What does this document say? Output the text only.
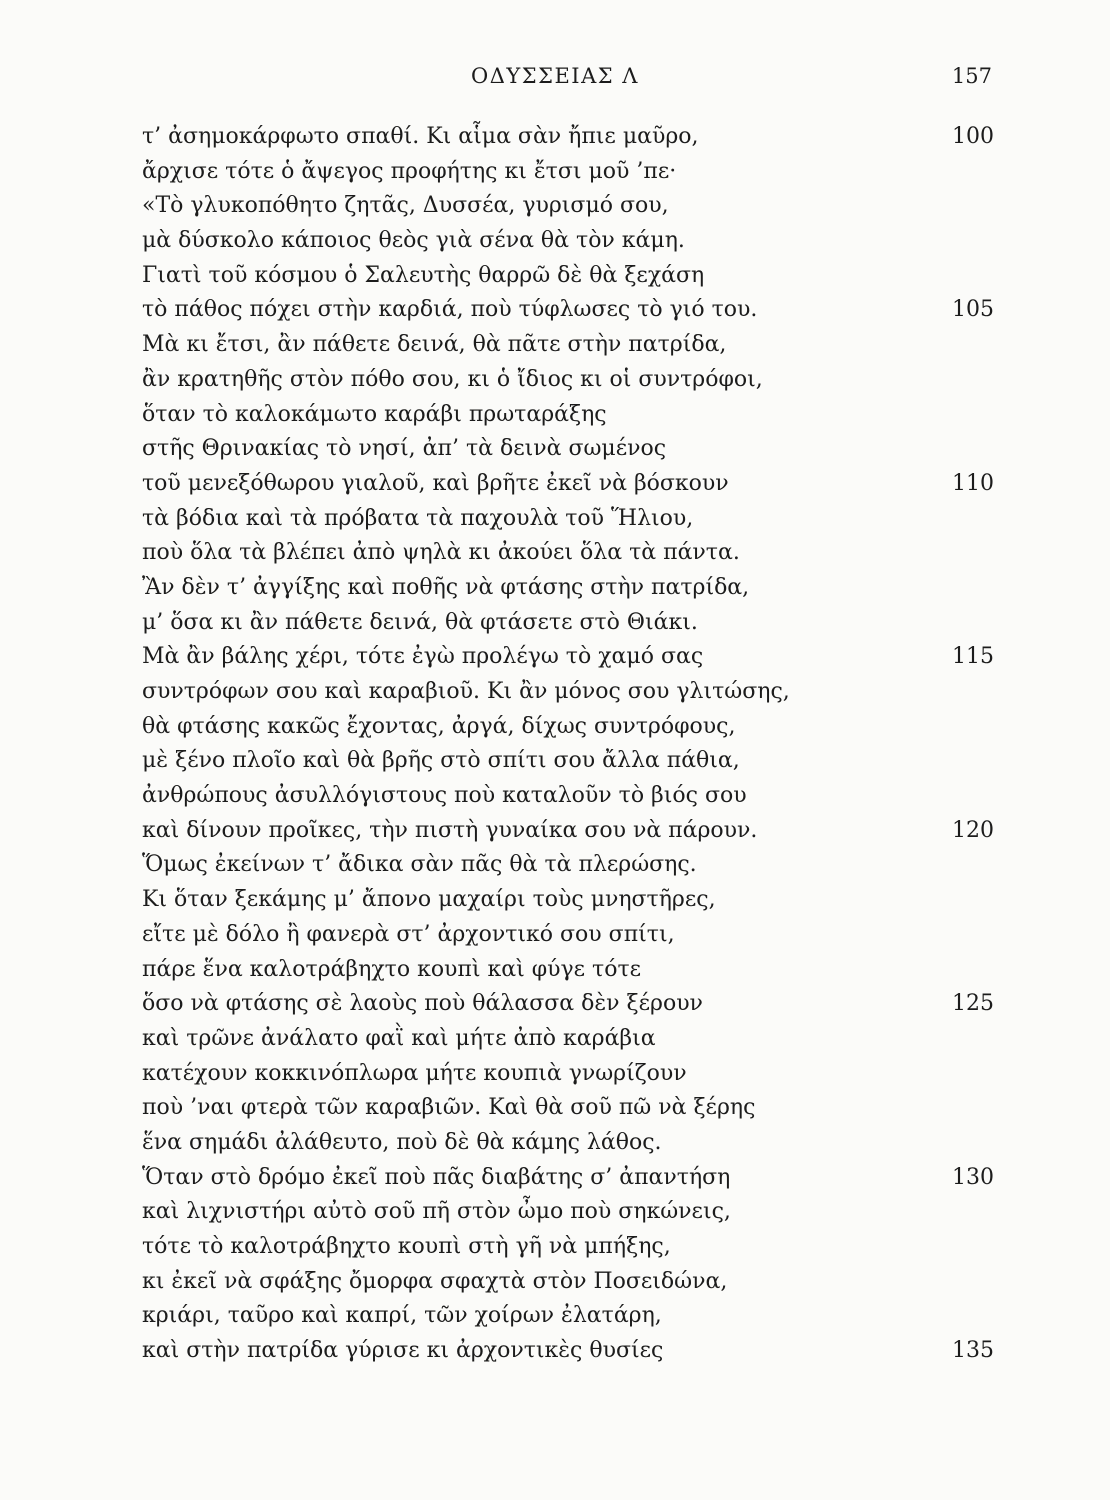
ΟΔΥΣΣΕΙΑΣ Λ	157
τ’ ἀσημοκάρφωτο σπαθί. Κι αἷμα σὰν ἤπιε μαῦρο,	100
ἄρχισε τότε ὁ ἄψεγος προφήτης κι ἔτσι μοῦ ’πε·
«Τὸ γλυκοπόθητο ζητᾶς, Δυσσέα, γυρισμό σου,
μὰ δύσκολο κάποιος θεὸς γιὰ σένα θὰ τὸν κάμη.
Γιατὶ τοῦ κόσμου ὁ Σαλευτὴς θαρρῶ δὲ θὰ ξεχάση
τὸ πάθος πόχει στὴν καρδιά, ποὺ τύφλωσες τὸ γιό του.	105
Μὰ κι ἔτσι, ἂν πάθετε δεινά, θὰ πᾶτε στὴν πατρίδα,
ἂν κρατηθῆς στὸν πόθο σου, κι ὁ ἴδιος κι οἱ συντρόφοι,
ὅταν τὸ καλοκάμωτο καράβι πρωταράξης
στῆς Θρινακίας τὸ νησί, ἀπ’ τὰ δεινὰ σωμένος
τοῦ μενεξόθωρου γιαλοῦ, καὶ βρῆτε ἐκεῖ νὰ βόσκουν	110
τὰ βόδια καὶ τὰ πρόβατα τὰ παχουλὰ τοῦ Ἥλιου,
ποὺ ὅλα τὰ βλέπει ἀπὸ ψηλὰ κι ἀκούει ὅλα τὰ πάντα.
Ἂν δὲν τ’ ἀγγίξης καὶ ποθῆς νὰ φτάσης στὴν πατρίδα,
μ’ ὅσα κι ἂν πάθετε δεινά, θὰ φτάσετε στὸ Θιάκι.
Μὰ ἂν βάλης χέρι, τότε ἐγὼ προλέγω τὸ χαμό σας	115
συντρόφων σου καὶ καραβιοῦ. Κι ἂν μόνος σου γλιτώσης,
θὰ φτάσης κακῶς ἔχοντας, ἀργά, δίχως συντρόφους,
μὲ ξένο πλοῖο καὶ θὰ βρῆς στὸ σπίτι σου ἄλλα πάθια,
ἀνθρώπους ἀσυλλόγιστους ποὺ καταλοῦν τὸ βιός σου
καὶ δίνουν προῖκες, τὴν πιστὴ γυναίκα σου νὰ πάρουν.	120
Ὅμως ἐκείνων τ’ ἄδικα σὰν πᾶς θὰ τὰ πλερώσης.
Κι ὅταν ξεκάμης μ’ ἄπονο μαχαίρι τοὺς μνηστῆρες,
εἴτε μὲ δόλο ἢ φανερὰ στ’ ἀρχοντικό σου σπίτι,
πάρε ἕνα καλοτράβηχτο κουπὶ καὶ φύγε τότε
ὅσο νὰ φτάσης σὲ λαοὺς ποὺ θάλασσα δὲν ξέρουν	125
καὶ τρῶνε ἀνάλατο φαῒ καὶ μήτε ἀπὸ καράβια
κατέχουν κοκκινόπλωρα μήτε κουπιὰ γνωρίζουν
ποὺ ’ναι φτερὰ τῶν καραβιῶν. Καὶ θὰ σοῦ πῶ νὰ ξέρης
ἕνα σημάδι ἀλάθευτο, ποὺ δὲ θὰ κάμης λάθος.
Ὅταν στὸ δρόμο ἐκεῖ ποὺ πᾶς διαβάτης σ’ ἀπαντήση	130
καὶ λιχνιστήρι αὐτὸ σοῦ πῆ στὸν ὦμο ποὺ σηκώνεις,
τότε τὸ καλοτράβηχτο κουπὶ στὴ γῆ νὰ μπήξης,
κι ἐκεῖ νὰ σφάξης ὄμορφα σφαχτὰ στὸν Ποσειδώνα,
κριάρι, ταῦρο καὶ καπρί, τῶν χοίρων ἐλατάρη,
καὶ στὴν πατρίδα γύρισε κι ἀρχοντικὲς θυσίες	135
